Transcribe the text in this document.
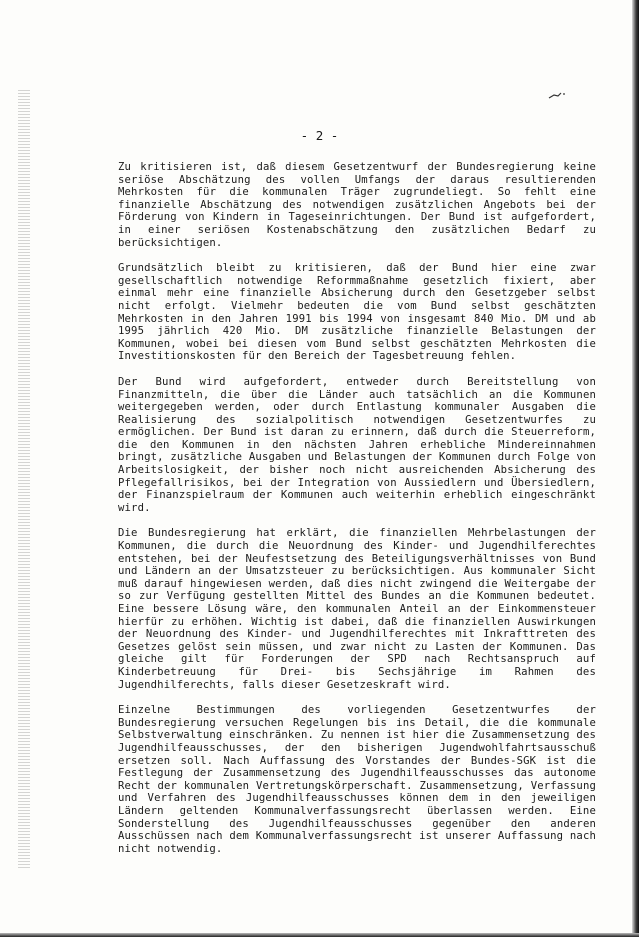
- 2 -

Zu kritisieren ist, daß diesem Gesetzentwurf der Bundesregierung keine seriöse Abschätzung des vollen Umfangs der daraus resultierenden Mehrkosten für die kommunalen Träger zugrundeliegt. So fehlt eine finanzielle Abschätzung des notwendigen zusätzlichen Angebots bei der Förderung von Kindern in Tageseinrichtungen. Der Bund ist aufgefordert, in einer seriösen Kostenabschätzung den zusätzlichen Bedarf zu berücksichtigen.

Grundsätzlich bleibt zu kritisieren, daß der Bund hier eine zwar gesellschaftlich notwendige Reformmaßnahme gesetzlich fixiert, aber einmal mehr eine finanzielle Absicherung durch den Gesetzgeber selbst nicht erfolgt. Vielmehr bedeuten die vom Bund selbst geschätzten Mehrkosten in den Jahren 1991 bis 1994 von insgesamt 840 Mio. DM und ab 1995 jährlich 420 Mio. DM zusätzliche finanzielle Belastungen der Kommunen, wobei bei diesen vom Bund selbst geschätzten Mehrkosten die Investitionskosten für den Bereich der Tagesbetreuung fehlen.

Der Bund wird aufgefordert, entweder durch Bereitstellung von Finanzmitteln, die über die Länder auch tatsächlich an die Kommunen weitergegeben werden, oder durch Entlastung kommunaler Ausgaben die Realisierung des sozialpolitisch notwendigen Gesetzentwurfes zu ermöglichen. Der Bund ist daran zu erinnern, daß durch die Steuerreform, die den Kommunen in den nächsten Jahren erhebliche Mindereinnahmen bringt, zusätzliche Ausgaben und Belastungen der Kommunen durch Folge von Arbeitslosigkeit, der bisher noch nicht ausreichenden Absicherung des Pflegefallrisikos, bei der Integration von Aussiedlern und Übersiedlern, der Finanzspielraum der Kommunen auch weiterhin erheblich eingeschränkt wird.

Die Bundesregierung hat erklärt, die finanziellen Mehrbelastungen der Kommunen, die durch die Neuordnung des Kinder- und Jugendhilferechtes entstehen, bei der Neufestsetzung des Beteiligungsverhältnisses von Bund und Ländern an der Umsatzsteuer zu berücksichtigen. Aus kommunaler Sicht muß darauf hingewiesen werden, daß dies nicht zwingend die Weitergabe der so zur Verfügung gestellten Mittel des Bundes an die Kommunen bedeutet. Eine bessere Lösung wäre, den kommunalen Anteil an der Einkommensteuer hierfür zu erhöhen. Wichtig ist dabei, daß die finanziellen Auswirkungen der Neuordnung des Kinder- und Jugendhilferechtes mit Inkrafttreten des Gesetzes gelöst sein müssen, und zwar nicht zu Lasten der Kommunen. Das gleiche gilt für Forderungen der SPD nach Rechtsanspruch auf Kinderbetreuung für Drei- bis Sechsjährige im Rahmen des Jugendhilferechts, falls dieser Gesetzeskraft wird.

Einzelne Bestimmungen des vorliegenden Gesetzentwurfes der Bundesregierung versuchen Regelungen bis ins Detail, die die kommunale Selbstverwaltung einschränken. Zu nennen ist hier die Zusammensetzung des Jugendhilfeausschusses, der den bisherigen Jugendwohlfahrtsausschuß ersetzen soll. Nach Auffassung des Vorstandes der Bundes-SGK ist die Festlegung der Zusammensetzung des Jugendhilfeausschusses das autonome Recht der kommunalen Vertretungskörperschaft. Zusammensetzung, Verfassung und Verfahren des Jugendhilfeausschusses können dem in den jeweiligen Ländern geltenden Kommunalverfassungsrecht überlassen werden. Eine Sonderstellung des Jugendhilfeausschusses gegenüber den anderen Ausschüssen nach dem Kommunalverfassungsrecht ist unserer Auffassung nach nicht notwendig.
